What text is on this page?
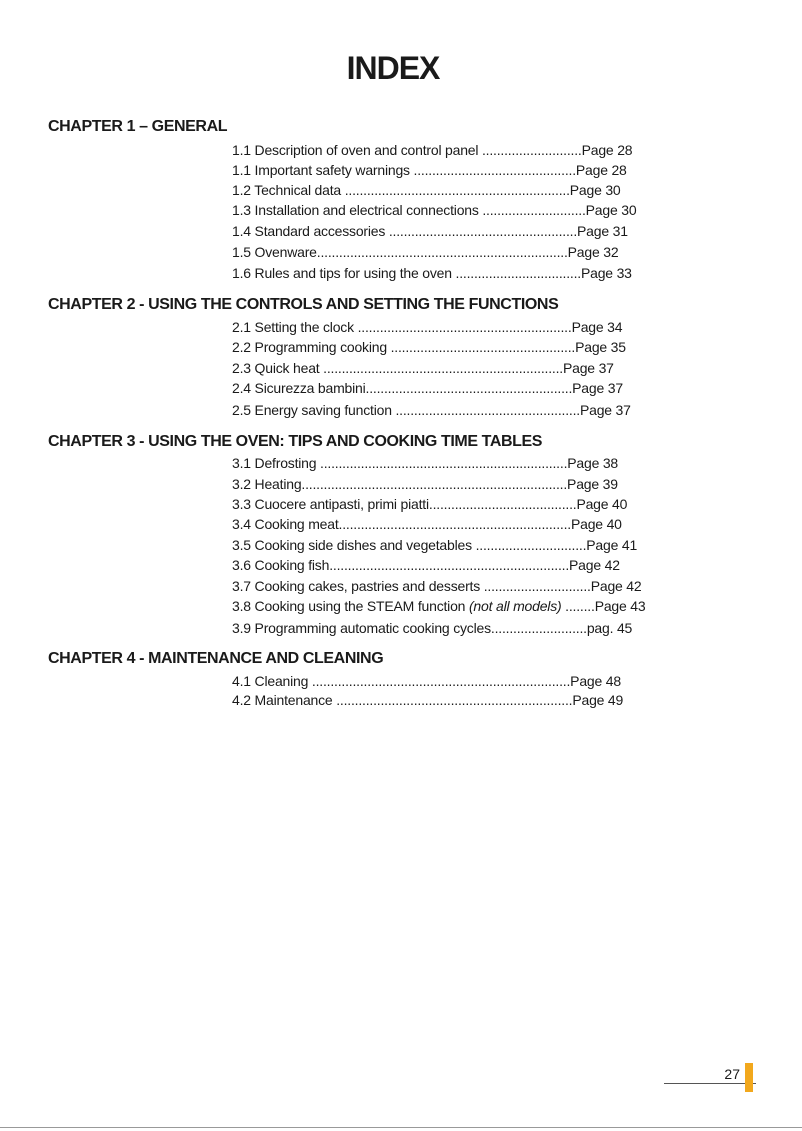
INDEX
CHAPTER 1 – GENERAL
1.1 Description of oven and control panel ...........................Page 28
1.1 Important safety warnings ............................................Page 28
1.2 Technical data .............................................................Page 30
1.3 Installation and electrical connections ............................Page 30
1.4 Standard accessories ...................................................Page 31
1.5 Ovenware....................................................................Page 32
1.6 Rules and tips for using the oven ..................................Page 33
CHAPTER 2 - USING THE CONTROLS AND SETTING THE FUNCTIONS
2.1 Setting the clock ..........................................................Page 34
2.2 Programming cooking ..................................................Page 35
2.3 Quick heat .................................................................Page 37
2.4 Sicurezza bambini........................................................Page 37
2.5 Energy saving function ..................................................Page 37
CHAPTER 3 - USING THE OVEN: TIPS AND COOKING TIME TABLES
3.1 Defrosting ...................................................................Page 38
3.2 Heating........................................................................Page 39
3.3 Cuocere antipasti, primi piatti........................................Page 40
3.4 Cooking meat...............................................................Page 40
3.5 Cooking side dishes and vegetables ..............................Page 41
3.6 Cooking fish.................................................................Page 42
3.7 Cooking cakes, pastries and desserts .............................Page 42
3.8 Cooking using the STEAM function (not all models) ........Page 43
3.9 Programming automatic cooking cycles..........................pag. 45
CHAPTER 4 - MAINTENANCE AND CLEANING
4.1 Cleaning ......................................................................Page 48
4.2 Maintenance ................................................................Page 49
27
